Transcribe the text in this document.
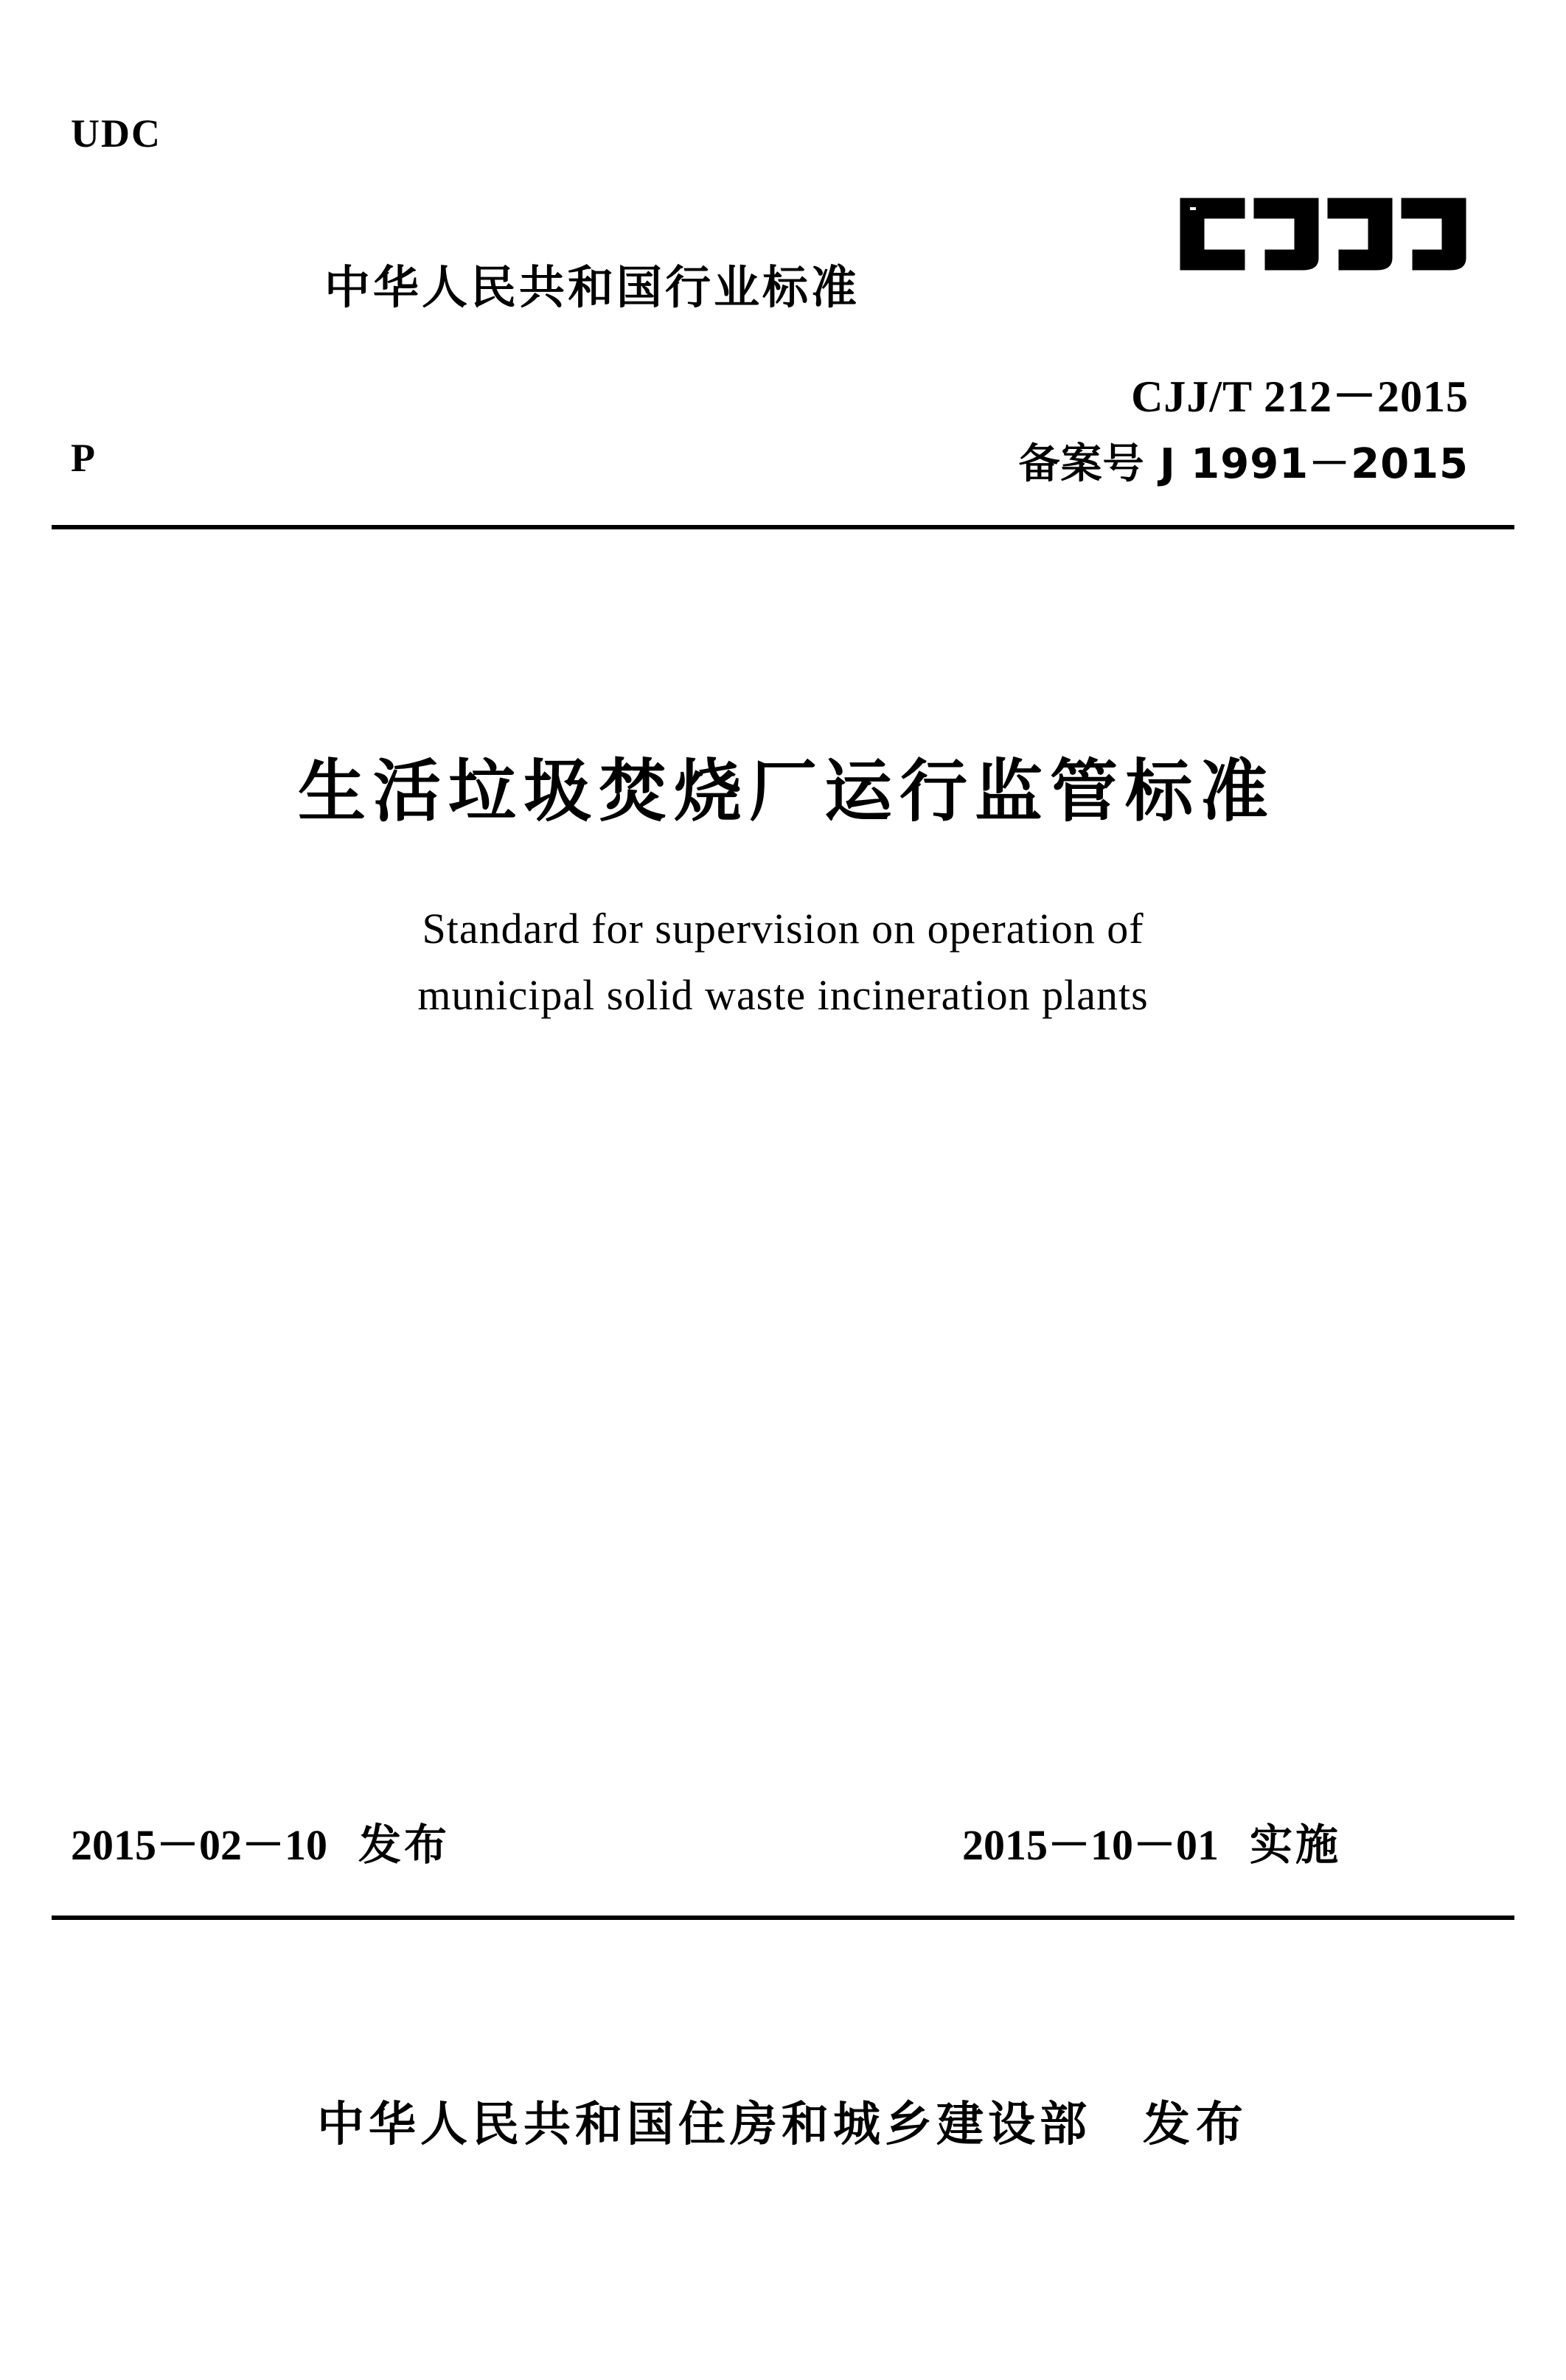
UDC
中华人民共和国行业标准
CJJ/T 212－2015
备案号 J 1991－2015
P
生活垃圾焚烧厂运行监管标准
Standard for supervision on operation of
municipal solid waste incineration plants
2015－02－10 发布	2015－10－01 实施
中华人民共和国住房和城乡建设部 发布
